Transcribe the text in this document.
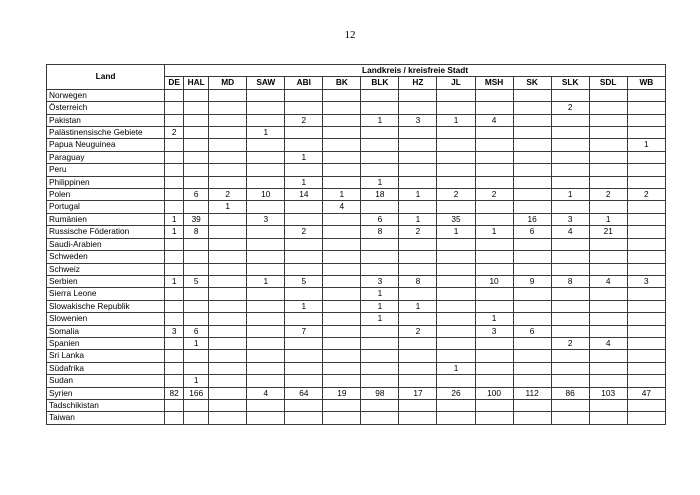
12
Land	Landkreis / kreisfreie Stadt													
	DE	HAL	MD	SAW	ABI	BK	BLK	HZ	JL	MSH	SK	SLK	SDL	WB
Norwegen														
Österreich												2		
Pakistan					2		1	3	1	4				
Palästinensische Gebiete	2			1										
Papua Neuguinea														1
Paraguay					1									
Peru														
Philippinen					1		1							
Polen		6	2	10	14	1	18	1	2	2		1	2	2
Portugal			1			4								
Rumänien	1	39		3			6	1	35		16	3	1	
Russische Föderation	1	8			2		8	2	1	1	6	4	21	
Saudi-Arabien														
Schweden														
Schweiz														
Serbien	1	5		1	5		3	8		10	9	8	4	3
Sierra Leone							1							
Slowakische Republik					1		1	1						
Slowenien							1			1				
Somalia	3	6			7			2		3	6			
Spanien		1										2	4	
Sri Lanka														
Südafrika									1					
Sudan		1												
Syrien	82	166		4	64	19	98	17	26	100	112	86	103	47
Tadschikistan														
Taiwan														
